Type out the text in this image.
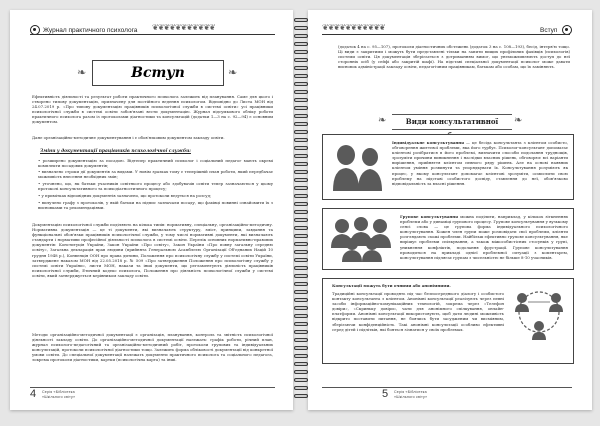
Журнал практичного психолога ❦❦❦❦❦❦❦❦❦❦❦
Вступ
❧	❧

Ефективність діяльності та результат роботи практичного психолога залежить від планування. Саме для цього і створено типову документацію, призначену для постійного ведення психологом. Відповідно до Листа МОН від 24.07.2019 р. «Про типову документацію працівників психологічної служби в системі освіти» усі працівники психологічної служби в системі освіти зобов'язані вести документацію. Журнал підсумкового обліку роботи практичного психолога разом із протоколами діагностики та консультацій (додатки 1—3 на с. 92—94) є основним документом.

Дане організаційно-методичне документування і є обов'язковим документом закладу освіти.

Зміни у документації працівників психологічної служби:

• розширено документацію за посадою. Відтепер практичний психолог і соціальний педагог мають окремі комплекти посадових документів;

• визначено строки дії документів за видами. У новім зразках тому є теперішній план роботи, який передбачає можливість внесення необхідних змін;

• уточнено, що, як батьки учасників освітнього процесу або здобувачів освіти тепер зазначаються у цьому протоколі консультативного та психодіагностичного процесу;

• у примітках відповідних документів зазначено, що протоколи ведуться на розсуд;

• вилучено графу з протоколів, у якій батьки на підпис зазначали посаду, що фахівці повинні ознайомити їх з висновками та рекомендаціями.

Документацію психологічної служби поділяють на кілька типів: нормативну, спеціальну, організаційно-методичну. Нормативна документація — це ті документи, які визначають структуру, зміст, принципи, завдання та функціональні обов'язки працівників психологічної служби, у тому числі нормативні документи, які визначають стандарти і нормативи професійної діяльності психолога в системі освіти. Перелік основних нормативно-правових документів: Конституція України, Закон України «Про освіту», Закон України «Про повну загальну середню освіту», Загальна декларація прав людини (прийнята Генеральною Асамблеєю Організації Об'єднаних Націй 10 грудня 1948 р.), Конвенція ООН про права дитини, Положення про психологічну службу у системі освіти України, затверджене наказом МОН від 22.05.2018 р. № 509 «Про затвердження Положення про психологічну службу у системі освіти України», листи МОН, накази та інші документи, що регламентують діяльність працівників психологічної служби, Етичний кодекс психолога, Положення про діяльність психологічної служби у системі освіти, який затверджується керівником закладу освіти.

Методи організаційно-методичної документації є організація, планування, контроль та звітність психологічної діяльності закладу освіти. До організаційно-методичної документації належать: графік роботи, річний план, журнал психолого-педагогічний та організаційно-методичний робіт, протоколи групових та індивідуальних консультацій, протоколи психологічної діагностики тощо. Залежить форма обліковості документації від конкретної умови освіти. До спеціальної документації належать документи практичного психолога та соціального педагога, зокрема протоколи діагностики, картки (психологічна карта) та інші.

4 Серія «Бібліотека
«Шкільного світу»
❦❦❦❦❦❦❦❦❦❦❦	Вступ

(додаток 4 на с. 95—107), протоколи діагностичних обстежень (додаток 3 на с. 108—193), бесід, інтерв'ю тощо. Ці види є закритими і можуть бути представлені тільки на запити вищих профільних фахівців (психологів) системи освіти. Ця документація зберігається з дотриманням вимог, що унеможливлюють доступ до неї сторонніх осіб (у сейфі або закритій шафі). На підставі спеціальної документації психолог може давати висновок адміністрації закладу освіти, педагогічним працівникам, батькам або особам, що їх заміняють.

Види консультативної
❧	❧

Індивідуальне консультування — це бесіда консультанта з клієнтом особисто, обговорення життєвої проблеми, яка його турбує. Психолог-консультант допомагає клієнтові розібратися в його проблемі, визначити способи подолання труднощів, зрозуміти причини виникнення і наслідки власних рішень, обговорює всі варіанти вирішення, прийняття клієнтом певного ряду рішень. Але на основі наявних клієнтом уміння розвинути та упорядкувати їх. Консультування розуміють як процес, у якому консультант допомагає клієнтові зрозуміти, осмислити свою проблему на підставі особистого досвіду, ставлення до неї, обов'язково відповідальність за власні рішення.

Групове консультування можна поділити, наприклад, у кількох зіткненнях проблеми або у динаміці групового процесу. Групове консультування у вузькому сенсі слова — це групова форма індивідуального психологічного консультування. Кожен член групи може розповідати свої проблеми, клієнти розглядають схожі проблеми. Найбільш ефективно групове консультування, яке вирішує проблеми спілкування, а також міжособистісних стосунків у групі, уникнення конфліктів, подолання фрустрації. Групове консультування проводиться на прикладі однієї проблемної ситуації з коментарем, консультування підлягає групам з чисельністю не більше 8-10 учасників.

Консультації можуть бути очними або анонімними.

Традиційні консультації проводять під час безпосереднього діалогу і особистого контакту консультанта з клієнтом. Анонімні консультації реалізують через певні засоби інформаційно-комунікаційних технологій, зокрема через «Телефон довіри», «Скриньку довіри», чати для анонімного спілкування, онлайн-платформи. Анонімні консультації використовують, щоб дати людині можливість відкрито поставити питання, не боячись бути засудженим чи висміяним, зберігаючи конфіденційність. Такі анонімні консультації особливо ефективні серед дітей і підлітків, які бояться зізнатися у своїх проблемах.

5 Серія «Бібліотека
«Шкільного світу»
